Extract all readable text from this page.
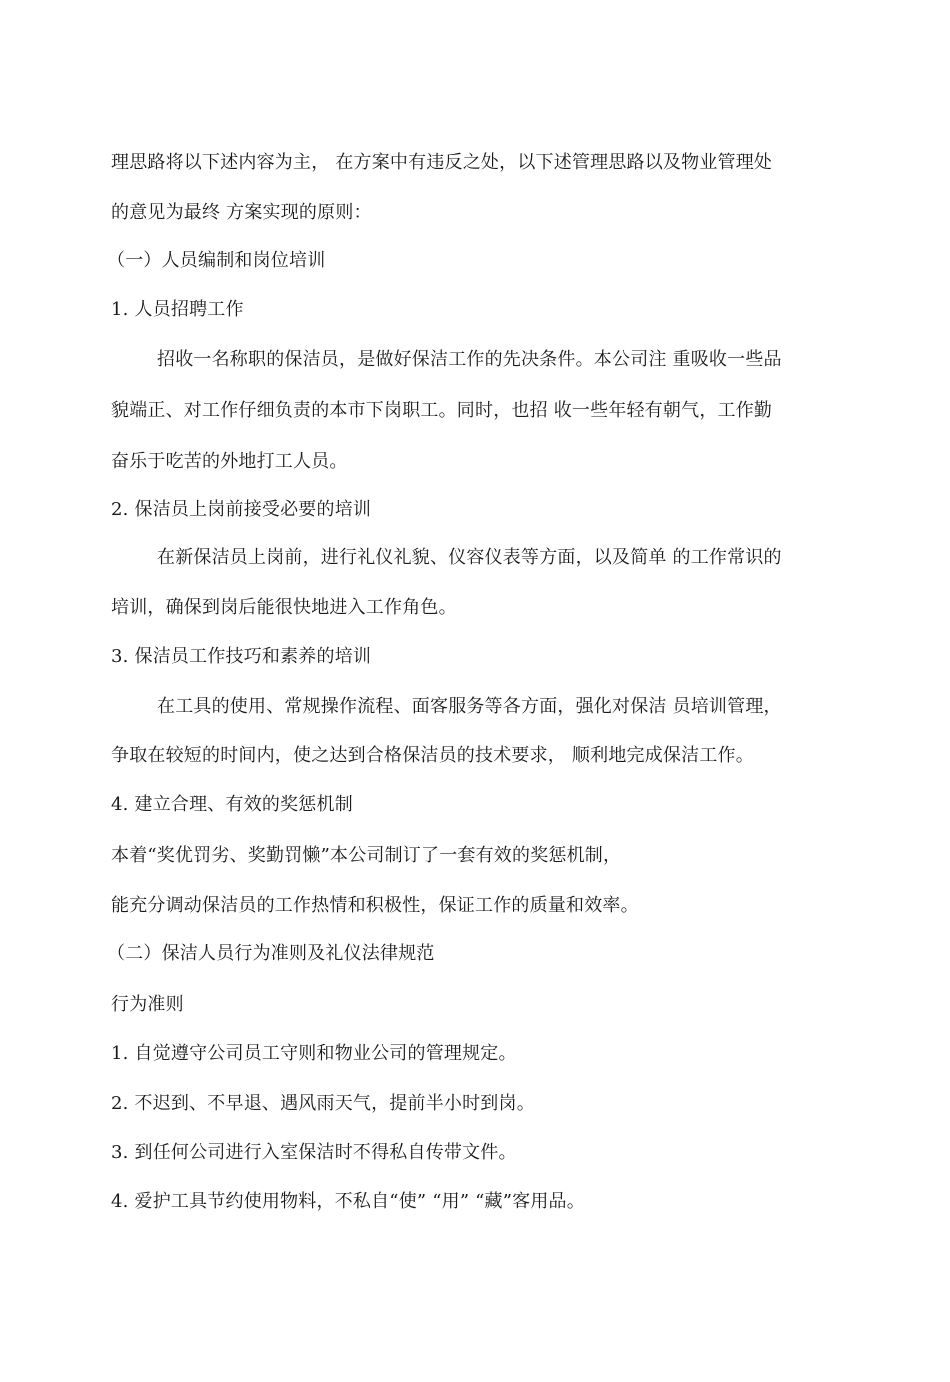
理思路将以下述内容为主， 在方案中有违反之处，以下述管理思路以及物业管理处
的意见为最终 方案实现的原则：
（一）人员编制和岗位培训
1. 人员招聘工作
招收一名称职的保洁员，是做好保洁工作的先决条件。本公司注 重吸收一些品
貌端正、对工作仔细负责的本市下岗职工。同时，也招 收一些年轻有朝气，工作勤
奋乐于吃苦的外地打工人员。
2. 保洁员上岗前接受必要的培训
在新保洁员上岗前，进行礼仪礼貌、仪容仪表等方面，以及简单 的工作常识的
培训，确保到岗后能很快地进入工作角色。
3. 保洁员工作技巧和素养的培训
在工具的使用、常规操作流程、面客服务等各方面，强化对保洁 员培训管理，
争取在较短的时间内，使之达到合格保洁员的技术要求， 顺利地完成保洁工作。
4. 建立合理、有效的奖惩机制
本着“奖优罚劣、奖勤罚懒”本公司制订了一套有效的奖惩机制，
能充分调动保洁员的工作热情和积极性，保证工作的质量和效率。
（二）保洁人员行为准则及礼仪法律规范
行为准则
1. 自觉遵守公司员工守则和物业公司的管理规定。
2. 不迟到、不早退、遇风雨天气，提前半小时到岗。
3. 到任何公司进行入室保洁时不得私自传带文件。
4. 爱护工具节约使用物料，不私自“使” “用” “藏”客用品。
